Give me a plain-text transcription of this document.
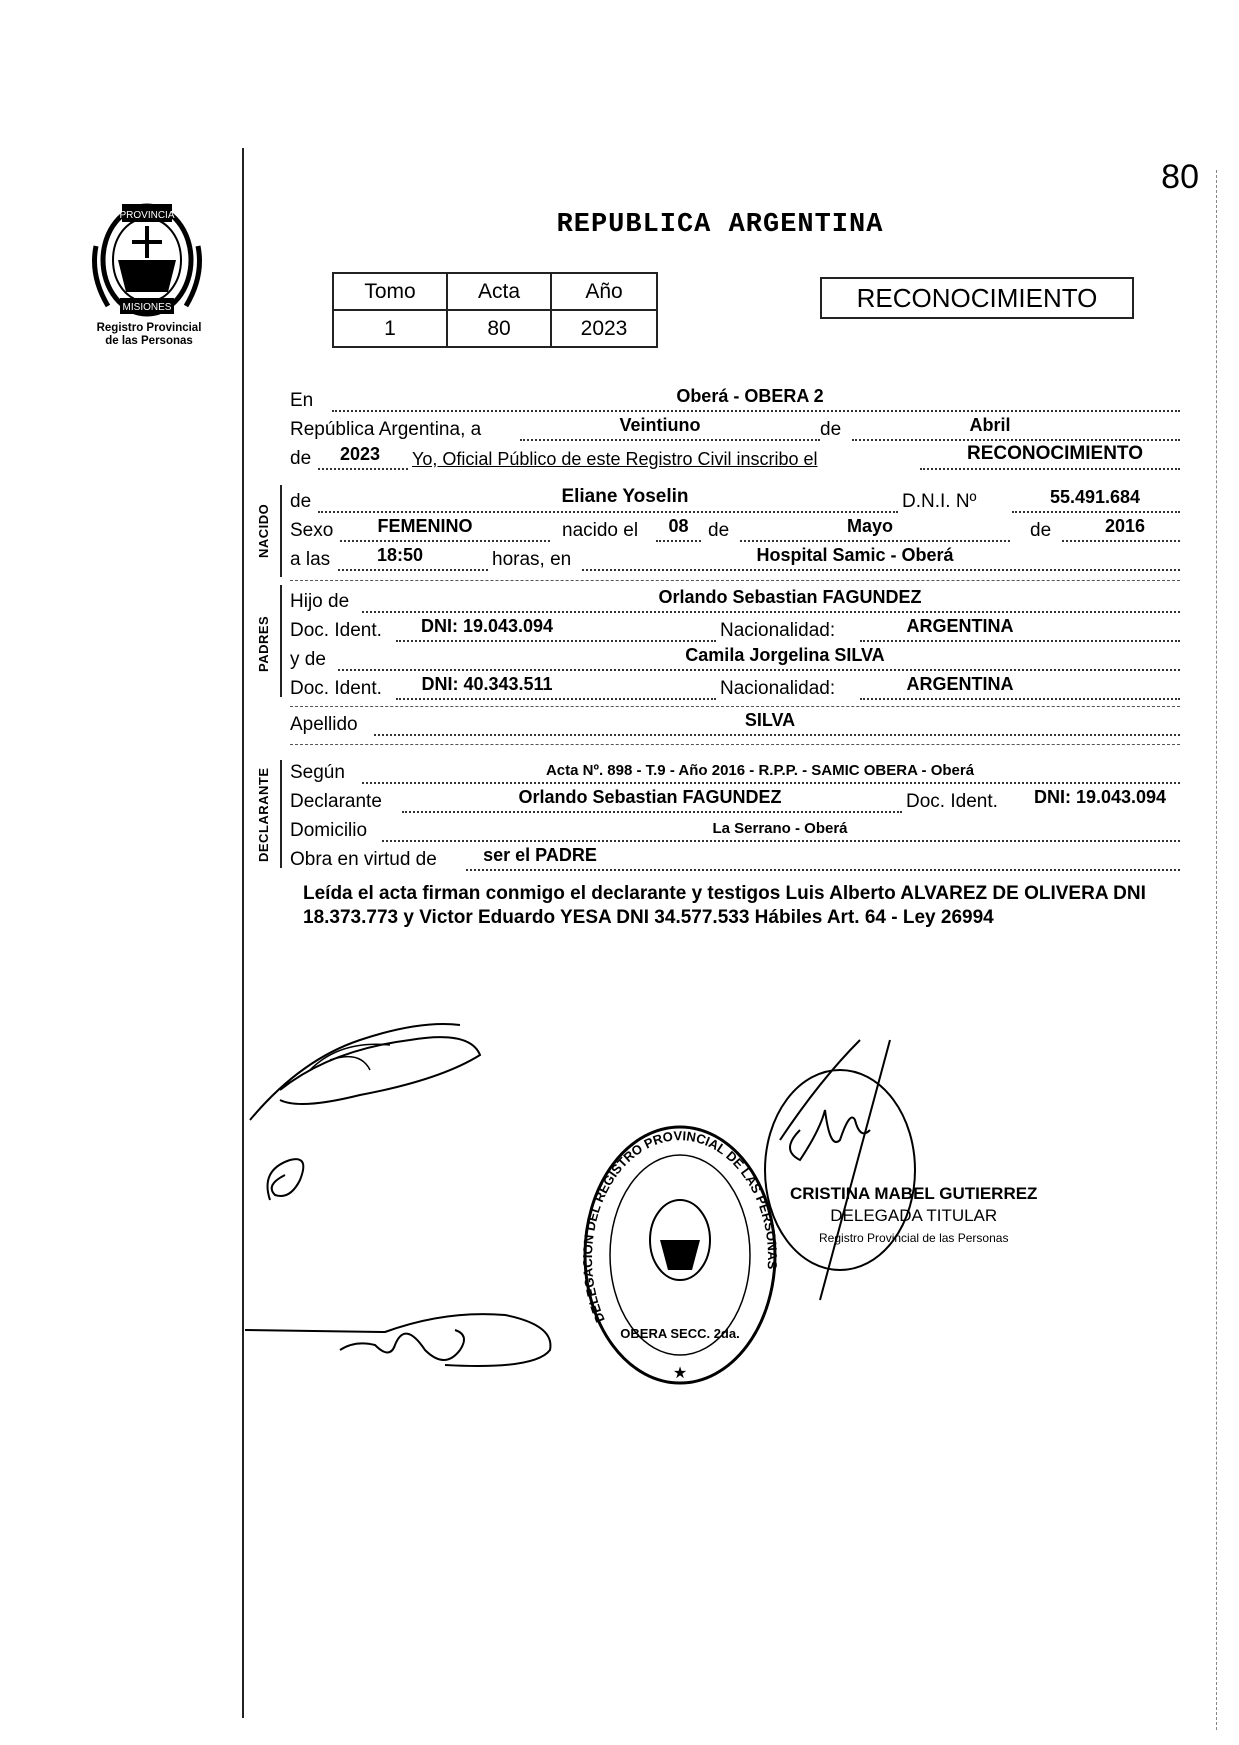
80
PROVINCIA
MISIONES
Registro Provincial
de las Personas
REPUBLICA ARGENTINA
Tomo	Acta	Año
1	80	2023
RECONOCIMIENTO
En	Oberá - OBERA 2
República Argentina, a	Veintiuno	de	Abril
de	2023	Yo, Oficial Público de este Registro Civil inscribo el	RECONOCIMIENTO
NACIDO
de	Eliane Yoselin	D.N.I. Nº	55.491.684
Sexo	FEMENINO	nacido el	08	de	Mayo	de	2016
a las	18:50	horas, en	Hospital Samic - Oberá
PADRES
Hijo de	Orlando Sebastian FAGUNDEZ
Doc. Ident.	DNI: 19.043.094	Nacionalidad:	ARGENTINA
y de	Camila Jorgelina SILVA
Doc. Ident.	DNI: 40.343.511	Nacionalidad:	ARGENTINA
Apellido	SILVA
DECLARANTE Según	Acta Nº. 898 - T.9 - Año 2016 - R.P.P. - SAMIC OBERA - Oberá
Declarante	Orlando Sebastian FAGUNDEZ	Doc. Ident.	DNI: 19.043.094
Domicilio	La Serrano - Oberá
Obra en virtud de	ser el PADRE
Leída el acta firman conmigo el declarante y testigos Luis Alberto ALVAREZ DE OLIVERA DNI 18.373.773 y Victor Eduardo YESA DNI 34.577.533 Hábiles Art. 64 - Ley 26994
★
DELEGACION DEL REGISTRO PROVINCIAL DE LAS PERSONAS
OBERA SECC. 2da.
CRISTINA MABEL GUTIERREZ
DELEGADA TITULAR
Registro Provincial de las Personas
